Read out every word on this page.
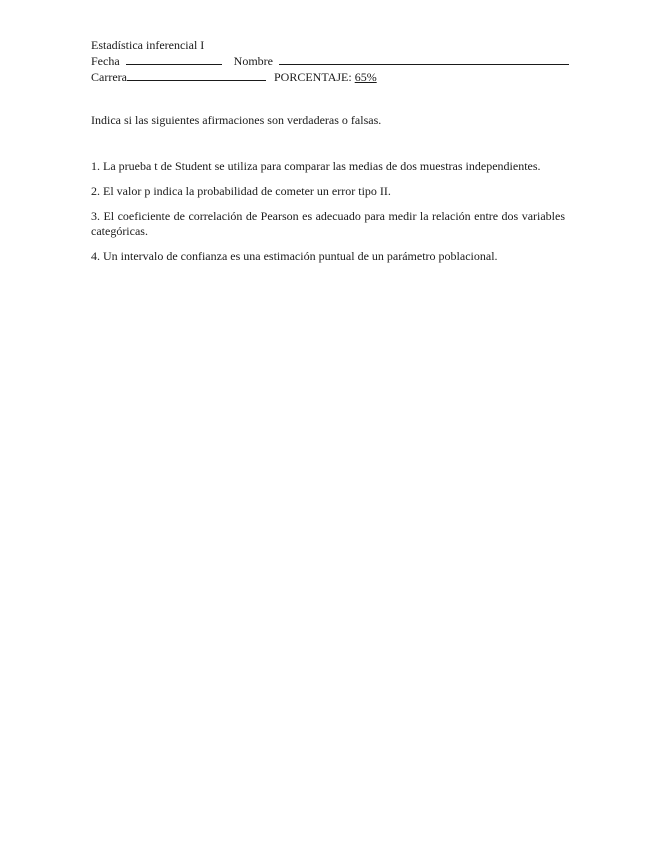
Estadística inferencial I
Fecha	Nombre
Carrera	PORCENTAJE: 65%
Indica si las siguientes afirmaciones son verdaderas o falsas.
1. La prueba t de Student se utiliza para comparar las medias de dos muestras independientes.
2. El valor p indica la probabilidad de cometer un error tipo II.
3. El coeficiente de correlación de Pearson es adecuado para medir la relación entre dos variables categóricas.
4. Un intervalo de confianza es una estimación puntual de un parámetro poblacional.
